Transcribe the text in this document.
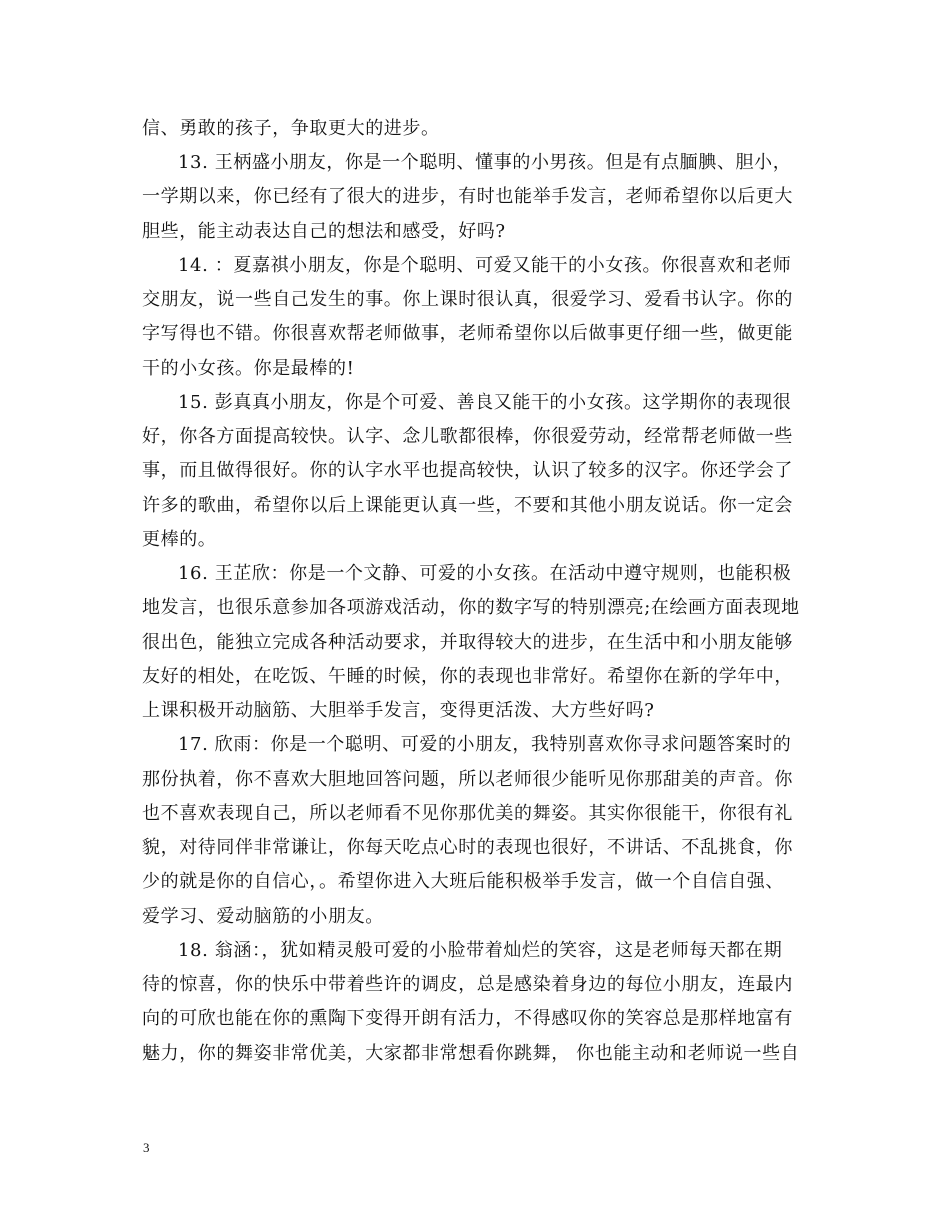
信、勇敢的孩子，争取更大的进步。
13. 王柄盛小朋友，你是一个聪明、懂事的小男孩。但是有点腼腆、胆小，
一学期以来，你已经有了很大的进步，有时也能举手发言，老师希望你以后更大
胆些，能主动表达自己的想法和感受，好吗?
14. ：夏嘉祺小朋友，你是个聪明、可爱又能干的小女孩。你很喜欢和老师
交朋友，说一些自己发生的事。你上课时很认真，很爱学习、爱看书认字。你的
字写得也不错。你很喜欢帮老师做事，老师希望你以后做事更仔细一些，做更能
干的小女孩。你是最棒的!
15. 彭真真小朋友，你是个可爱、善良又能干的小女孩。这学期你的表现很
好，你各方面提高较快。认字、念儿歌都很棒，你很爱劳动，经常帮老师做一些
事，而且做得很好。你的认字水平也提高较快，认识了较多的汉字。你还学会了
许多的歌曲，希望你以后上课能更认真一些，不要和其他小朋友说话。你一定会
更棒的。
16. 王芷欣：你是一个文静、可爱的小女孩。在活动中遵守规则，也能积极
地发言，也很乐意参加各项游戏活动，你的数字写的特别漂亮;在绘画方面表现地
很出色，能独立完成各种活动要求，并取得较大的进步，在生活中和小朋友能够
友好的相处，在吃饭、午睡的时候，你的表现也非常好。希望你在新的学年中，
上课积极开动脑筋、大胆举手发言，变得更活泼、大方些好吗?
17. 欣雨：你是一个聪明、可爱的小朋友，我特别喜欢你寻求问题答案时的
那份执着，你不喜欢大胆地回答问题，所以老师很少能听见你那甜美的声音。你
也不喜欢表现自己，所以老师看不见你那优美的舞姿。其实你很能干，你很有礼
貌，对待同伴非常谦让，你每天吃点心时的表现也很好，不讲话、不乱挑食，你
少的就是你的自信心，。希望你进入大班后能积极举手发言，做一个自信自强、
爱学习、爱动脑筋的小朋友。
18. 翁涵：，犹如精灵般可爱的小脸带着灿烂的笑容，这是老师每天都在期
待的惊喜，你的快乐中带着些许的调皮，总是感染着身边的每位小朋友，连最内
向的可欣也能在你的熏陶下变得开朗有活力，不得感叹你的笑容总是那样地富有
魅力，你的舞姿非常优美，大家都非常想看你跳舞， 你也能主动和老师说一些自
3
